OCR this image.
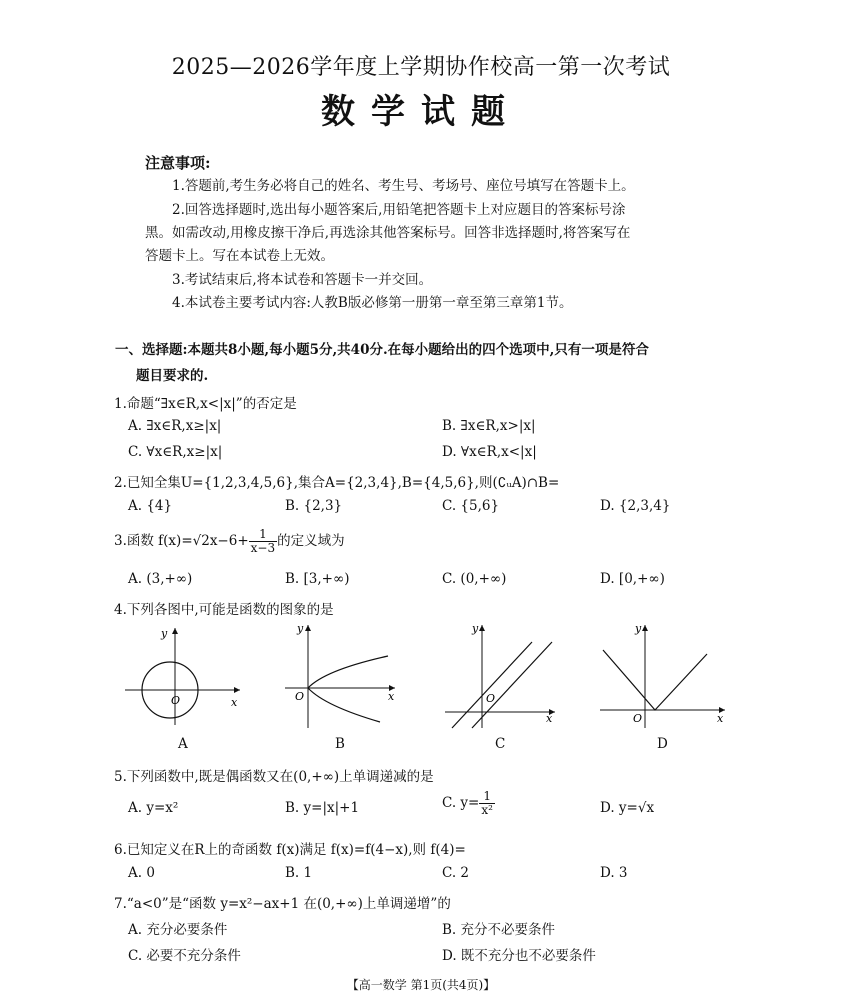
2025—2026学年度上学期协作校高一第一次考试
数学试题
注意事项:
1.答题前,考生务必将自己的姓名、考生号、考场号、座位号填写在答题卡上。
2.回答选择题时,选出每小题答案后,用铅笔把答题卡上对应题目的答案标号涂
黑。如需改动,用橡皮擦干净后,再选涂其他答案标号。回答非选择题时,将答案写在
答题卡上。写在本试卷上无效。
3.考试结束后,将本试卷和答题卡一并交回。
4.本试卷主要考试内容:人教B版必修第一册第一章至第三章第1节。
一、选择题:本题共8小题,每小题5分,共40分.在每小题给出的四个选项中,只有一项是符合
题目要求的.
1.命题“∃x∈R,x<|x|”的否定是
A. ∃x∈R,x≥|x|	B. ∃x∈R,x>|x|
C. ∀x∈R,x≥|x|	D. ∀x∈R,x<|x|
2.已知全集U={1,2,3,4,5,6},集合A={2,3,4},B={4,5,6},则(∁ᵤA)∩B=
A. {4}	B. {2,3}	C. {5,6}	D. {2,3,4}
3.函数 $f(x)=√2x-6+ \frac{1}{x-3}$ 的定义域为
A. (3,+∞)	B. [3,+∞)	C. (0,+∞)	D. [0,+∞)
4.下列各图中,可能是函数的图象的是
y
x
O
A
y
x
O
B
y
x
O
C
y
x
O
D
5.下列函数中,既是偶函数又在(0,+∞)上单调递减的是
A. y=x²	B. y=|x|+1	C. $y= \frac{1}{\text{x²}}$	D. y=√x
6.已知定义在R上的奇函数 f(x)满足 f(x)=f(4−x),则 f(4)=
A. 0	B. 1	C. 2	D. 3
7.“a<0”是“函数 y=x²−ax+1 在(0,+∞)上单调递增”的
A. 充分必要条件	B. 充分不必要条件
C. 必要不充分条件	D. 既不充分也不必要条件
【高一数学 第1页(共4页)】
